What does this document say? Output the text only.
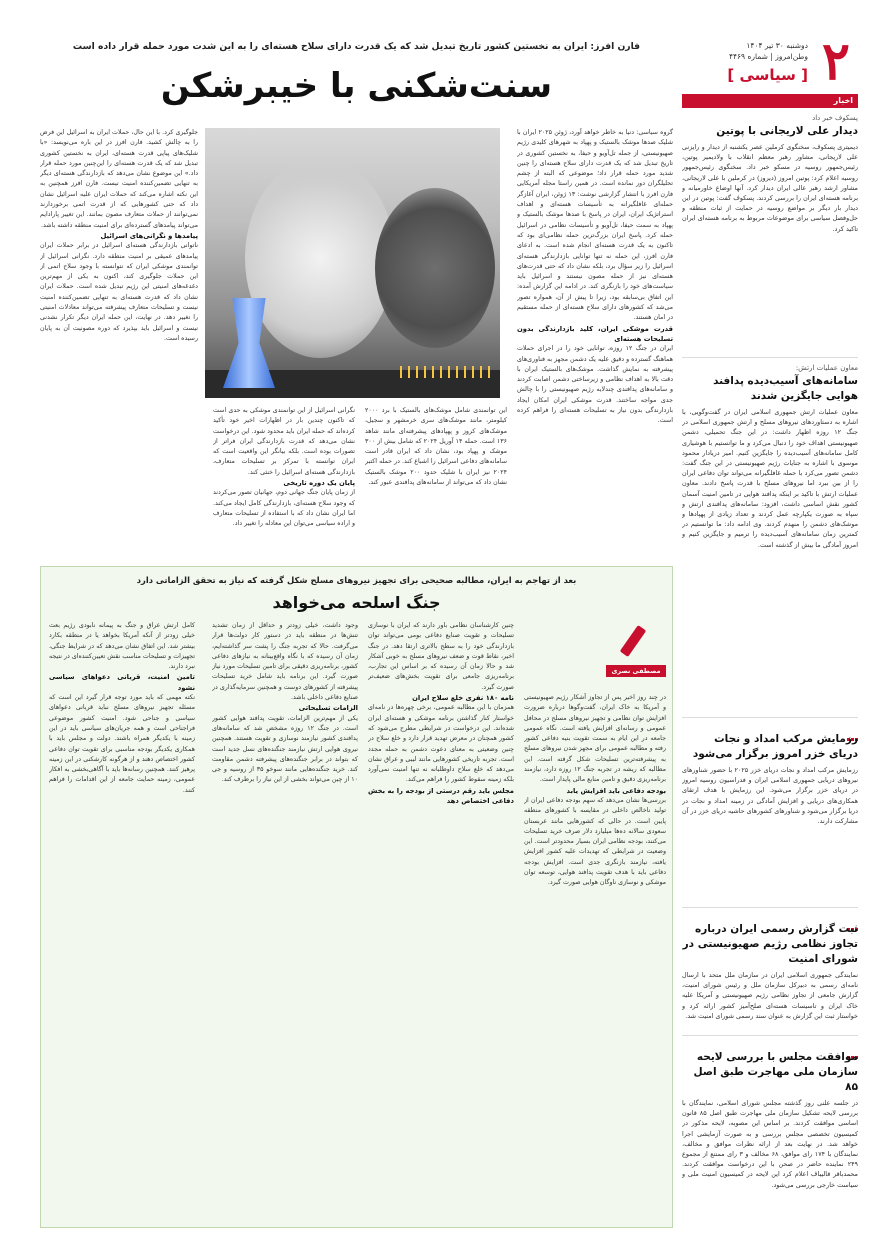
۲
دوشنبه ۳۰ تیر ۱۴۰۴
وطن‌امروز | شماره ۴۴۶۹
[ سیاسی ]
اخبار
پسکوف خبر داد
دیدار علی لاریجانی با پوتین
دیمیتری پسکوف، سخنگوی کرملین عصر یکشنبه از دیدار و رایزنی علی لاریجانی، مشاور رهبر معظم انقلاب با ولادیمیر پوتین، رئیس‌جمهور روسیه در مسکو خبر داد. سخنگوی رئیس‌جمهور روسیه اعلام کرد: پوتین امروز (دیروز) در کرملین با علی لاریجانی، مشاور ارشد رهبر عالی ایران دیدار کرد. آنها اوضاع خاورمیانه و برنامه هسته‌ای ایران را بررسی کردند. پسکوف گفت: پوتین در این دیدار بار دیگر بر مواضع روسیه در حمایت از ثبات منطقه و حل‌وفصل سیاسی برای موضوعات مربوط به برنامه هسته‌ای ایران تاکید کرد.
معاون عملیات ارتش:
سامانه‌های آسیب‌دیده پدافند هوایی جایگزین شدند
معاون عملیات ارتش جمهوری اسلامی ایران در گفت‌وگویی، با اشاره به دستاوردهای نیروهای مسلح و ارتش جمهوری اسلامی در جنگ ۱۲ روزه اظهار داشت: در این جنگ تحمیلی، دشمن صهیونیستی اهداف خود را دنبال می‌کرد و ما توانستیم با هوشیاری کامل سامانه‌های آسیب‌دیده را جایگزین کنیم. امیر دریادار محمود موسوی با اشاره به جنایات رژیم صهیونیستی در این جنگ گفت: دشمن تصور می‌کرد با حمله غافلگیرانه می‌تواند توان دفاعی ایران را از بین ببرد اما نیروهای مسلح با قدرت پاسخ دادند. معاون عملیات ارتش با تاکید بر اینکه پدافند هوایی در تامین امنیت آسمان کشور نقش اساسی داشت، افزود: سامانه‌های پدافندی ارتش و سپاه به صورت یکپارچه عمل کردند و تعداد زیادی از پهپادها و موشک‌های دشمن را منهدم کردند. وی ادامه داد: ما توانستیم در کمترین زمان سامانه‌های آسیب‌دیده را ترمیم و جایگزین کنیم و امروز آمادگی ما بیش از گذشته است.
رزمایش مرکب امداد و نجات دریای خزر امروز برگزار می‌شود
رزمایش مرکب امداد و نجات دریای خزر ۲۰۲۵ با حضور شناورهای نیروهای دریایی جمهوری اسلامی ایران و فدراسیون روسیه امروز در دریای خزر برگزار می‌شود. این رزمایش با هدف ارتقای همکاری‌های دریایی و افزایش آمادگی در زمینه امداد و نجات در دریا برگزار می‌شود و شناورهای کشورهای حاشیه دریای خزر در آن مشارکت دارند.
ثبت گزارش رسمی ایران درباره تجاوز نظامی رژیم صهیونیستی در شورای امنیت
نمایندگی جمهوری اسلامی ایران در سازمان ملل متحد با ارسال نامه‌ای رسمی به دبیرکل سازمان ملل و رئیس شورای امنیت، گزارش جامعی از تجاوز نظامی رژیم صهیونیستی و آمریکا علیه خاک ایران و تاسیسات هسته‌ای صلح‌آمیز کشور ارائه کرد و خواستار ثبت این گزارش به عنوان سند رسمی شورای امنیت شد.
موافقت مجلس با بررسی لایحه سازمان ملی مهاجرت طبق اصل ۸۵
در جلسه علنی روز گذشته مجلس شورای اسلامی، نمایندگان با بررسی لایحه تشکیل سازمان ملی مهاجرت طبق اصل ۸۵ قانون اساسی موافقت کردند. بر اساس این مصوبه، لایحه مذکور در کمیسیون تخصصی مجلس بررسی و به صورت آزمایشی اجرا خواهد شد. در نهایت بعد از ارائه نظرات موافق و مخالف، نمایندگان با ۱۷۴ رای موافق، ۶۸ مخالف و ۳ رای ممتنع از مجموع ۲۴۹ نماینده حاضر در صحن با این درخواست موافقت کردند. محمدباقر قالیباف اعلام کرد این لایحه در کمیسیون امنیت ملی و سیاست خارجی بررسی می‌شود.
فارن افرز: ایران به نخستین کشور تاریخ تبدیل شد که یک قدرت دارای سلاح هسته‌ای را به این شدت مورد حمله قرار داده است
سنت‌شکنی با خیبرشکن

گروه سیاسی: دنیا به خاطر خواهد آورد، ژوئن ۲۰۲۵ ایران با شلیک صدها موشک بالستیک و پهپاد به شهرهای کلیدی رژیم صهیونیستی، از جمله تل‌آویو و حیفا، به نخستین کشوری در تاریخ تبدیل شد که یک قدرت دارای سلاح هسته‌ای را چنین شدید مورد حمله قرار داد؛ موضوعی که البته از چشم تحلیلگران دور نمانده است. در همین راستا مجله آمریکایی فارن افرز با انتشار گزارشی نوشت: ۱۳ ژوئن، ایران آغازگر حمله‌ای غافلگیرانه به تأسیسات هسته‌ای و اهداف استراتژیک ایران، ایران در پاسخ با صدها موشک بالستیک و پهپاد به سمت حیفا، تل‌آویو و تأسیسات نظامی در اسرائیل حمله کرد. پاسخ ایران بزرگ‌ترین حمله نظامی‌ای بود که تاکنون به یک قدرت هسته‌ای انجام شده است. به ادعای فارن افرز، این حمله نه تنها توانایی بازدارندگی هسته‌ای اسرائیل را زیر سؤال برد، بلکه نشان داد که حتی قدرت‌های هسته‌ای نیز از حمله مصون نیستند و اسرائیل باید سیاست‌های خود را بازنگری کند. در ادامه این گزارش آمده: این اتفاق بی‌سابقه بود، زیرا تا پیش از آن، همواره تصور می‌شد که کشورهای دارای سلاح هسته‌ای از حمله مستقیم در امان هستند.

قدرت موشکی ایران، کلید بازدارندگی بدون تسلیحات هسته‌ای

ایران در جنگ ۱۲ روزه، توانایی خود را در اجرای حملات هماهنگ گسترده و دقیق علیه یک دشمن مجهز به فناوری‌های پیشرفته به نمایش گذاشت. موشک‌های بالستیک ایران با دقت بالا به اهداف نظامی و زیرساختی دشمن اصابت کردند و سامانه‌های پدافندی چندلایه رژیم صهیونیستی را با چالش جدی مواجه ساختند. قدرت موشکی ایران امکان ایجاد بازدارندگی بدون نیاز به تسلیحات هسته‌ای را فراهم کرده است.

این توانمندی شامل موشک‌های بالستیک با برد ۲۰۰۰ کیلومتر، مانند موشک‌های سری خرمشهر و سجیل، موشک‌های کروز و پهپادهای پیشرفته‌ای مانند شاهد ۱۳۶ است. حمله ۱۴ آوریل ۲۰۲۴ که شامل بیش از ۳۰۰ موشک و پهپاد بود، نشان داد که ایران قادر است سامانه‌های دفاعی اسرائیل را اشباع کند. در حمله اکتبر ۲۰۲۴ نیز ایران با شلیک حدود ۲۰۰ موشک بالستیک نشان داد که می‌تواند از سامانه‌های پدافندی عبور کند.

نگرانی اسرائیل از این توانمندی موشکی به حدی است که تاکنون چندین بار در اظهارات اخیر خود تأکید کرده‌اند که حمله ایران باید محدود شود. این درخواست نشان می‌دهد که قدرت بازدارندگی ایران فراتر از تصورات بوده است. بلکه بیانگر این واقعیت است که ایران توانسته با تمرکز بر تسلیحات متعارف، بازدارندگی هسته‌ای اسرائیل را خنثی کند.

پایان یک دوره تاریخی

از زمان پایان جنگ جهانی دوم، جهانیان تصور می‌کردند که وجود سلاح هسته‌ای، بازدارندگی کامل ایجاد می‌کند. اما ایران نشان داد که با استفاده از تسلیحات متعارف و اراده سیاسی می‌توان این معادله را تغییر داد.

جلوگیری کرد. با این حال، حملات ایران به اسرائیل این فرض را به چالش کشید. فارن افرز در این باره می‌نویسد: «با شلیک‌های پیاپی قدرت هسته‌ای، ایران به نخستین کشوری تبدیل شد که یک قدرت هسته‌ای را این‌چنین مورد حمله قرار داد.» این موضوع نشان می‌دهد که بازدارندگی هسته‌ای دیگر به تنهایی تضمین‌کننده امنیت نیست. فارن افرز همچنین به این نکته اشاره می‌کند که حملات ایران علیه اسرائیل نشان داد که حتی کشورهایی که از قدرت اتمی برخوردارند نمی‌توانند از حملات متعارف مصون بمانند. این تغییر پارادایم می‌تواند پیامدهای گسترده‌ای برای امنیت منطقه داشته باشد.

پیامدها و نگرانی‌های اسرائیل

ناتوانی بازدارندگی هسته‌ای اسرائیل در برابر حملات ایران پیامدهای عمیقی بر امنیت منطقه دارد. نگرانی اسرائیل از توانمندی موشکی ایران که نتوانسته با وجود سلاح اتمی از این حملات جلوگیری کند، اکنون به یکی از مهم‌ترین دغدغه‌های امنیتی این رژیم تبدیل شده است. حملات ایران نشان داد که قدرت هسته‌ای به تنهایی تضمین‌کننده امنیت نیست و تسلیحات متعارف پیشرفته می‌تواند معادلات امنیتی را تغییر دهد. در نهایت، این حمله ایران دیگر تکرار نشدنی نیست و اسرائیل باید بپذیرد که دوره مصونیت آن به پایان رسیده است.

بعد از تهاجم به ایران، مطالبه صحیحی برای تجهیز نیروهای مسلح شکل گرفته که نیاز به تحقق الزاماتی دارد
جنگ اسلحه می‌خواهد
مصطفی نصری

در چند روز اخیر پس از تجاوز آشکار رژیم صهیونیستی و آمریکا به خاک ایران، گفت‌وگوها درباره ضرورت افزایش توان نظامی و تجهیز نیروهای مسلح در محافل عمومی و رسانه‌ای افزایش یافته است. نگاه عمومی جامعه در این ایام به سمت تقویت بنیه دفاعی کشور رفته و مطالبه عمومی برای مجهز شدن نیروهای مسلح به پیشرفته‌ترین تسلیحات شکل گرفته است. این مطالبه که ریشه در تجربه جنگ ۱۲ روزه دارد، نیازمند برنامه‌ریزی دقیق و تامین منابع مالی پایدار است.

بودجه دفاعی باید افزایش یابد

بررسی‌ها نشان می‌دهد که سهم بودجه دفاعی ایران از تولید ناخالص داخلی در مقایسه با کشورهای منطقه پایین است. در حالی که کشورهایی مانند عربستان سعودی سالانه ده‌ها میلیارد دلار صرف خرید تسلیحات می‌کنند، بودجه نظامی ایران بسیار محدودتر است. این وضعیت در شرایطی که تهدیدات علیه کشور افزایش یافته، نیازمند بازنگری جدی است. افزایش بودجه دفاعی باید با هدف تقویت پدافند هوایی، توسعه توان موشکی و نوسازی ناوگان هوایی صورت گیرد.

چنین کارشناسان نظامی باور دارند که ایران با نوسازی تسلیحات و تقویت صنایع دفاعی بومی می‌تواند توان بازدارندگی خود را به سطح بالاتری ارتقا دهد. در جنگ اخیر، نقاط قوت و ضعف نیروهای مسلح به خوبی آشکار شد و حالا زمان آن رسیده که بر اساس این تجارب، برنامه‌ریزی جامعی برای تقویت بخش‌های ضعیف‌تر صورت گیرد.

نامه ۱۸۰ نفری خلع سلاح ایران

همزمان با این مطالبه عمومی، برخی چهره‌ها در نامه‌ای خواستار کنار گذاشتن برنامه موشکی و هسته‌ای ایران شده‌اند. این درخواست در شرایطی مطرح می‌شود که کشور همچنان در معرض تهدید قرار دارد و خلع سلاح در چنین وضعیتی به معنای دعوت دشمن به حمله مجدد است. تجربه تاریخی کشورهایی مانند لیبی و عراق نشان می‌دهد که خلع سلاح داوطلبانه نه تنها امنیت نمی‌آورد بلکه زمینه سقوط کشور را فراهم می‌کند.

مجلس باید رقم درستی از بودجه را به بخش دفاعی اختصاص دهد

وجود داشت، خیلی زودتر و حداقل از زمان تشدید تنش‌ها در منطقه باید در دستور کار دولت‌ها قرار می‌گرفت. حالا که تجربه جنگ را پشت سر گذاشته‌ایم، زمان آن رسیده که با نگاه واقع‌بینانه به نیازهای دفاعی کشور، برنامه‌ریزی دقیقی برای تامین تسلیحات مورد نیاز صورت گیرد. این برنامه باید شامل خرید تسلیحات پیشرفته از کشورهای دوست و همچنین سرمایه‌گذاری در صنایع دفاعی داخلی باشد.

الزامات تسلیحاتی

یکی از مهم‌ترین الزامات، تقویت پدافند هوایی کشور است. در جنگ ۱۲ روزه مشخص شد که سامانه‌های پدافندی کشور نیازمند نوسازی و تقویت هستند. همچنین نیروی هوایی ارتش نیازمند جنگنده‌های نسل جدید است که بتواند در برابر جنگنده‌های پیشرفته دشمن مقاومت کند. خرید جنگنده‌هایی مانند سوخو ۳۵ از روسیه و جی ۱۰ از چین می‌تواند بخشی از این نیاز را برطرف کند.

کامل ارتش عراق و جنگ به پیمانه نابودی رژیم بعث خیلی زودتر از آنکه آمریکا بخواهد یا در منطقه بکارد بیشتر شد. این اتفاق نشان می‌دهد که در شرایط جنگی، تجهیزات و تسلیحات مناسب نقش تعیین‌کننده‌ای در نتیجه نبرد دارند.

تامین امنیت، قربانی دعواهای سیاسی نشود

نکته مهمی که باید مورد توجه قرار گیرد این است که مسئله تجهیز نیروهای مسلح نباید قربانی دعواهای سیاسی و جناحی شود. امنیت کشور موضوعی فراجناحی است و همه جریان‌های سیاسی باید در این زمینه با یکدیگر همراه باشند. دولت و مجلس باید با همکاری یکدیگر بودجه مناسبی برای تقویت توان دفاعی کشور اختصاص دهند و از هرگونه کارشکنی در این زمینه پرهیز کنند. همچنین رسانه‌ها باید با آگاهی‌بخشی به افکار عمومی، زمینه حمایت جامعه از این اقدامات را فراهم کنند.
